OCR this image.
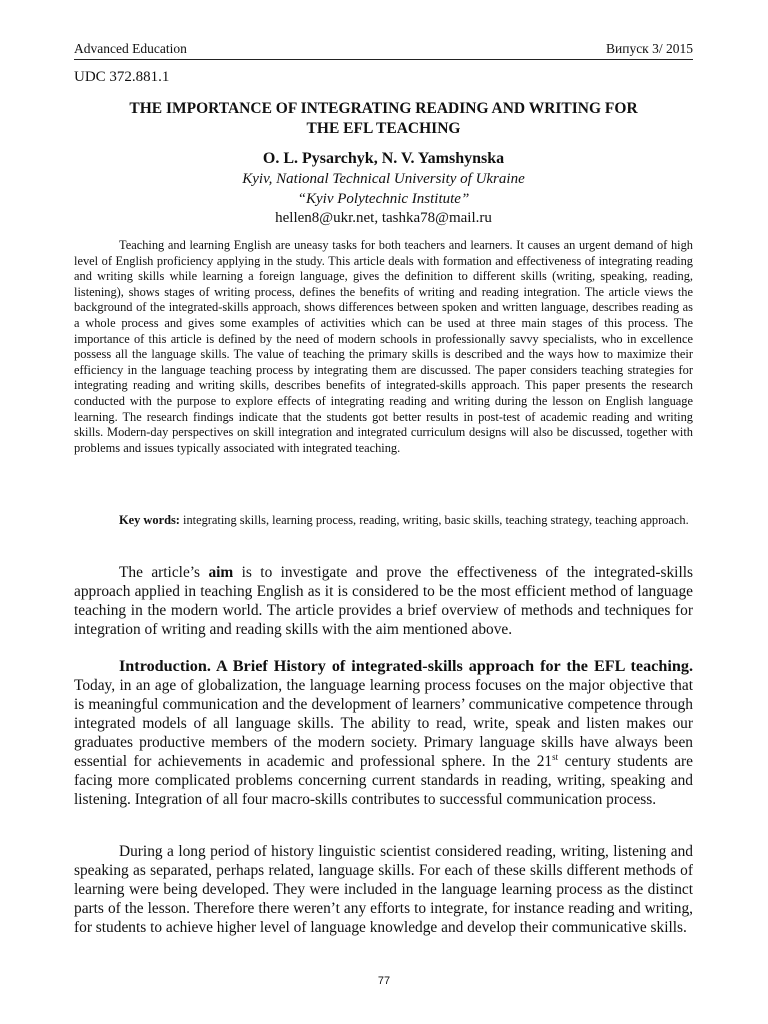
Advanced Education	Випуск 3/ 2015
UDC 372.881.1
THE IMPORTANCE OF INTEGRATING READING AND WRITING FOR
THE EFL TEACHING
O. L. Pysarchyk, N. V. Yamshynska
Kyiv, National Technical University of Ukraine
“Kyiv Polytechnic Institute”
hellen8@ukr.net, tashka78@mail.ru

Teaching and learning English are uneasy tasks for both teachers and learners. It causes an urgent demand of high level of English proficiency applying in the study. This article deals with formation and effectiveness of integrating reading and writing skills while learning a foreign language, gives the definition to different skills (writing, speaking, reading, listening), shows stages of writing process, defines the benefits of writing and reading integration. The article views the background of the integrated-skills approach, shows differences between spoken and written language, describes reading as a whole process and gives some examples of activities which can be used at three main stages of this process. The importance of this article is defined by the need of modern schools in professionally savvy specialists, who in excellence possess all the language skills. The value of teaching the primary skills is described and the ways how to maximize their efficiency in the language teaching process by integrating them are discussed. The paper considers teaching strategies for integrating reading and writing skills, describes benefits of integrated-skills approach. This paper presents the research conducted with the purpose to explore effects of integrating reading and writing during the lesson on English language learning. The research findings indicate that the students got better results in post-test of academic reading and writing skills. Modern-day perspectives on skill integration and integrated curriculum designs will also be discussed, together with problems and issues typically associated with integrated teaching.

Key words: integrating skills, learning process, reading, writing, basic skills, teaching strategy, teaching approach.

The article’s aim is to investigate and prove the effectiveness of the integrated-skills approach applied in teaching English as it is considered to be the most efficient method of language teaching in the modern world. The article provides a brief overview of methods and techniques for integration of writing and reading skills with the aim mentioned above.

Introduction. A Brief History of integrated-skills approach for the EFL teaching. Today, in an age of globalization, the language learning process focuses on the major objective that is meaningful communication and the development of learners’ communicative competence through integrated models of all language skills. The ability to read, write, speak and listen makes our graduates productive members of the modern society. Primary language skills have always been essential for achievements in academic and professional sphere. In the 21st century students are facing more complicated problems concerning current standards in reading, writing, speaking and listening. Integration of all four macro-skills contributes to successful communication process.

During a long period of history linguistic scientist considered reading, writing, listening and speaking as separated, perhaps related, language skills. For each of these skills different methods of learning were being developed. They were included in the language learning process as the distinct parts of the lesson. Therefore there weren’t any efforts to integrate, for instance reading and writing, for students to achieve higher level of language knowledge and develop their communicative skills.

77
